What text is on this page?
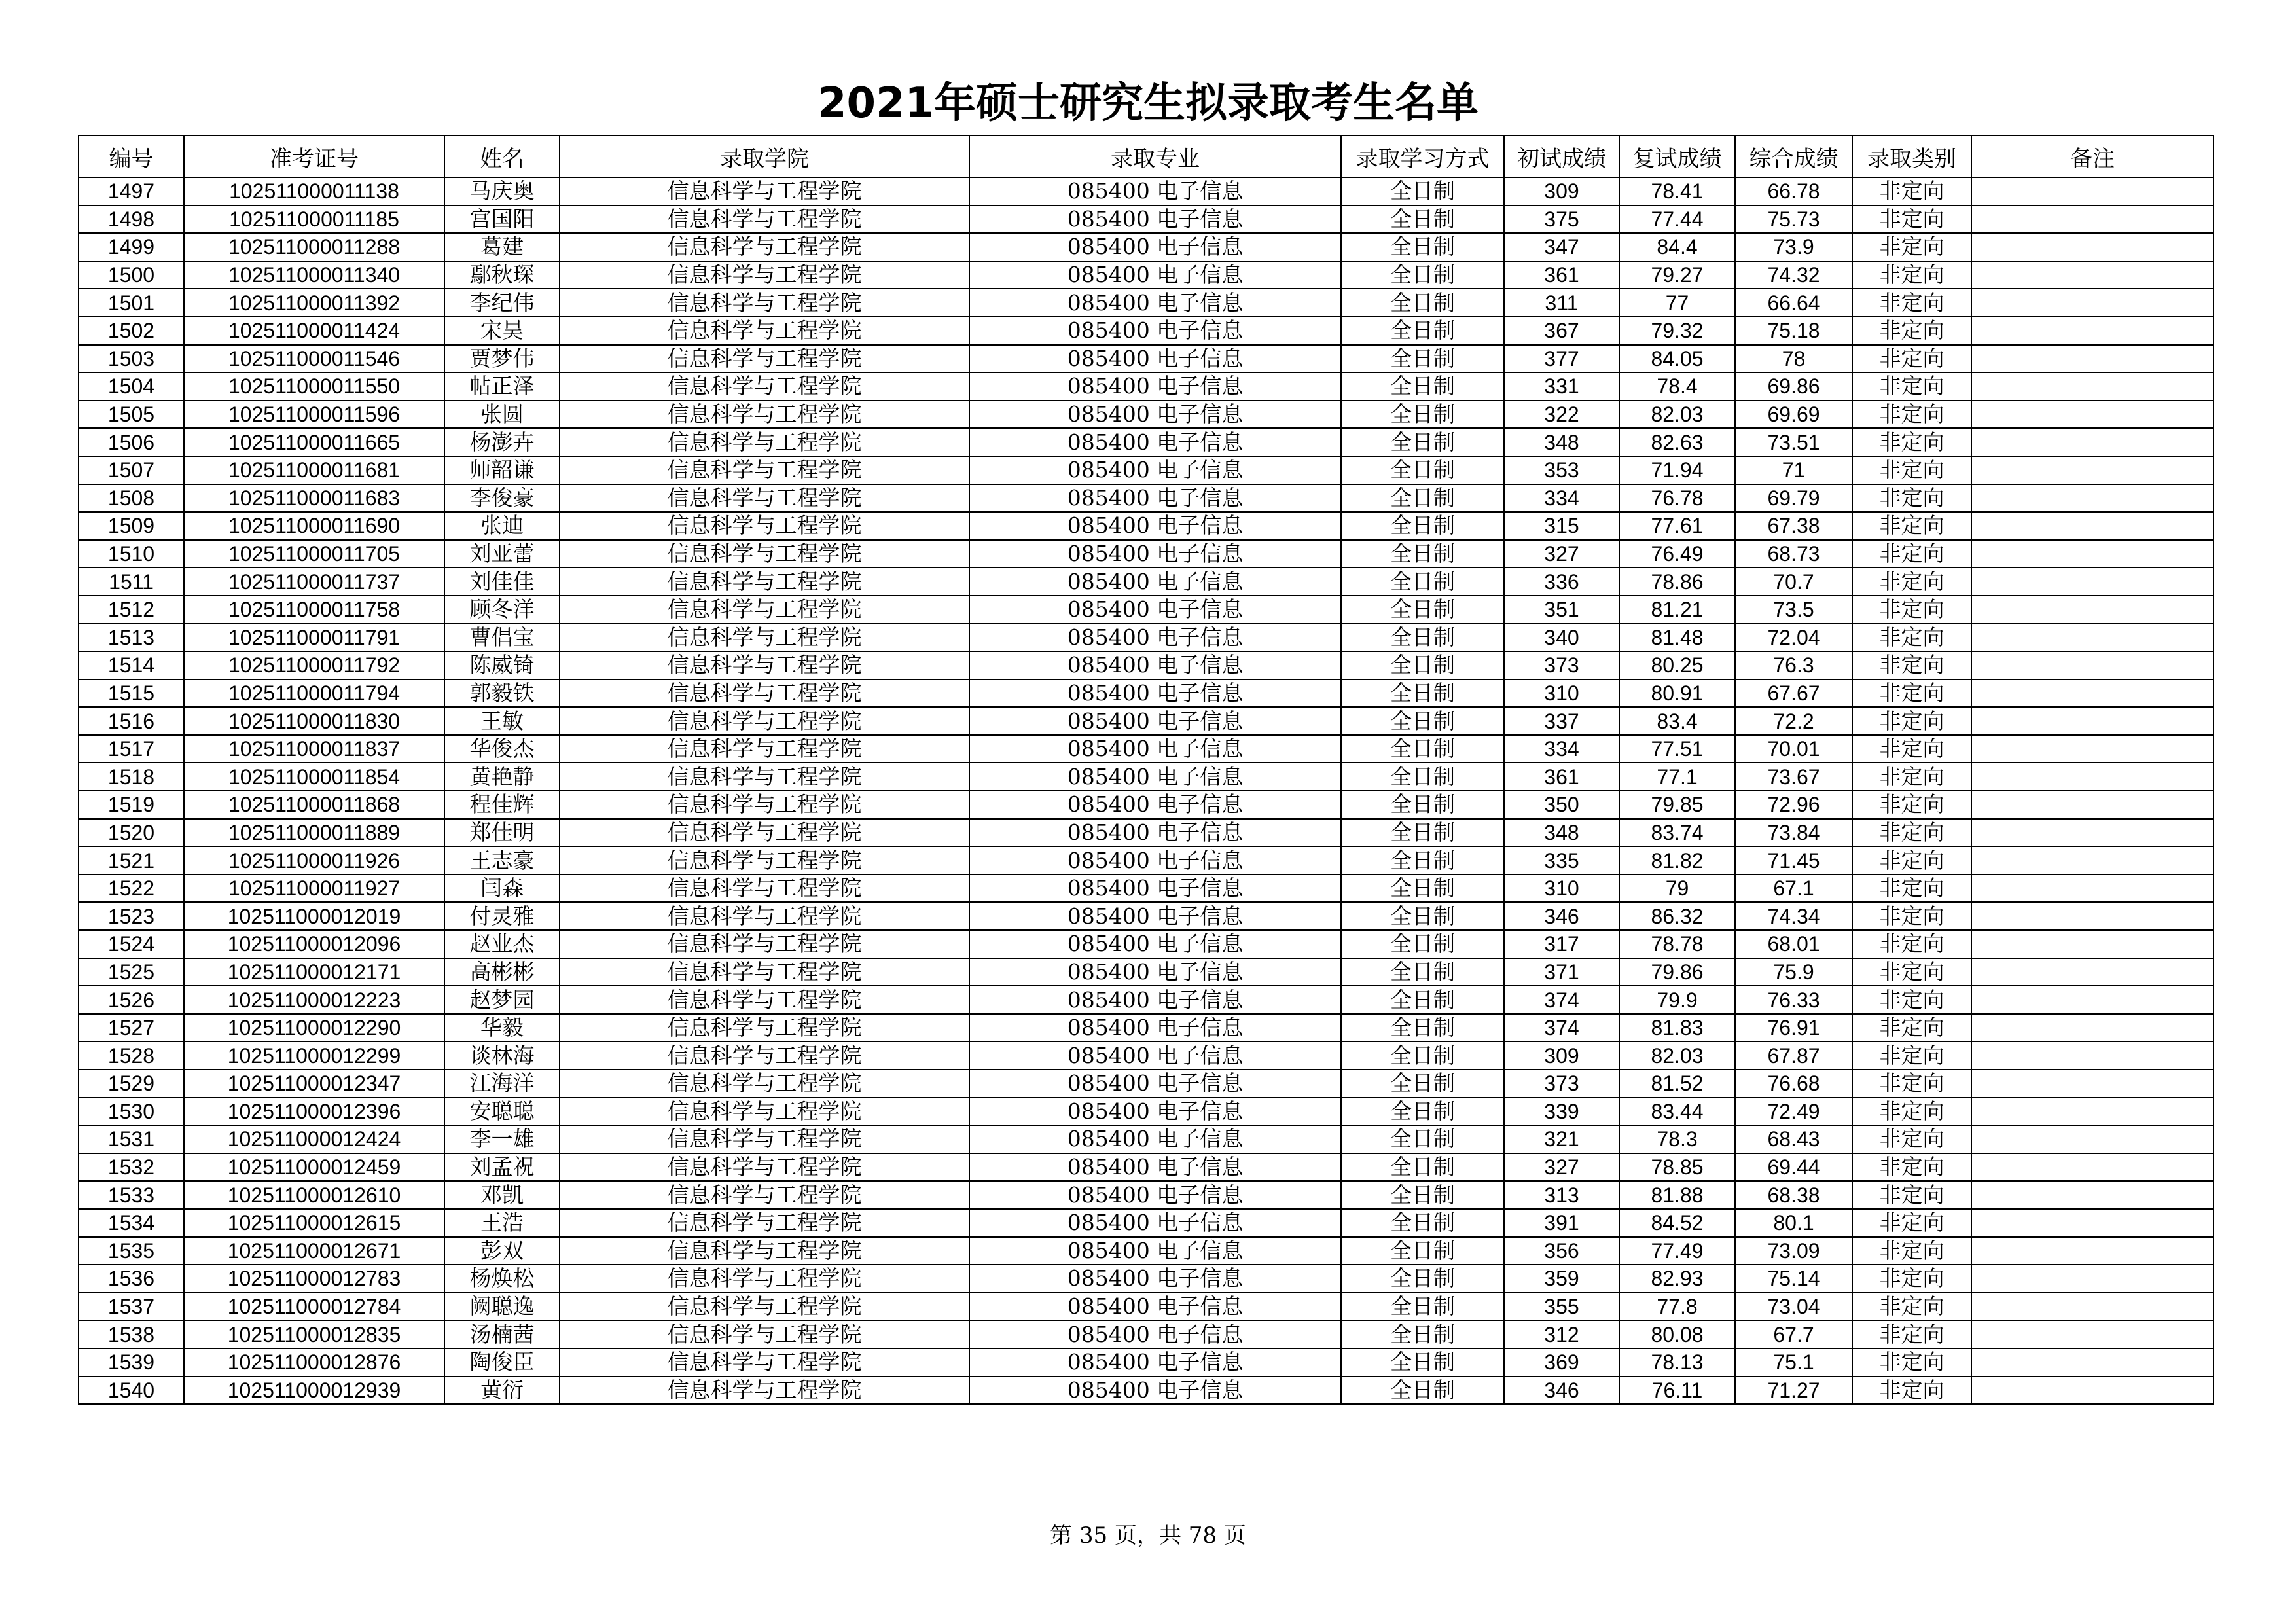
2021年硕士研究生拟录取考生名单
编号	准考证号	姓名	录取学院	录取专业	录取学习方式	初试成绩	复试成绩	综合成绩	录取类别	备注
1497	102511000011138	马庆奥	信息科学与工程学院	085400 电子信息	全日制	309	78.41	66.78	非定向	
1498	102511000011185	宫国阳	信息科学与工程学院	085400 电子信息	全日制	375	77.44	75.73	非定向	
1499	102511000011288	葛建	信息科学与工程学院	085400 电子信息	全日制	347	84.4	73.9	非定向	
1500	102511000011340	鄢秋琛	信息科学与工程学院	085400 电子信息	全日制	361	79.27	74.32	非定向	
1501	102511000011392	李纪伟	信息科学与工程学院	085400 电子信息	全日制	311	77	66.64	非定向	
1502	102511000011424	宋昊	信息科学与工程学院	085400 电子信息	全日制	367	79.32	75.18	非定向	
1503	102511000011546	贾梦伟	信息科学与工程学院	085400 电子信息	全日制	377	84.05	78	非定向	
1504	102511000011550	帖正泽	信息科学与工程学院	085400 电子信息	全日制	331	78.4	69.86	非定向	
1505	102511000011596	张圆	信息科学与工程学院	085400 电子信息	全日制	322	82.03	69.69	非定向	
1506	102511000011665	杨澎卉	信息科学与工程学院	085400 电子信息	全日制	348	82.63	73.51	非定向	
1507	102511000011681	师韶谦	信息科学与工程学院	085400 电子信息	全日制	353	71.94	71	非定向	
1508	102511000011683	李俊豪	信息科学与工程学院	085400 电子信息	全日制	334	76.78	69.79	非定向	
1509	102511000011690	张迪	信息科学与工程学院	085400 电子信息	全日制	315	77.61	67.38	非定向	
1510	102511000011705	刘亚蕾	信息科学与工程学院	085400 电子信息	全日制	327	76.49	68.73	非定向	
1511	102511000011737	刘佳佳	信息科学与工程学院	085400 电子信息	全日制	336	78.86	70.7	非定向	
1512	102511000011758	顾冬洋	信息科学与工程学院	085400 电子信息	全日制	351	81.21	73.5	非定向	
1513	102511000011791	曹倡宝	信息科学与工程学院	085400 电子信息	全日制	340	81.48	72.04	非定向	
1514	102511000011792	陈威锜	信息科学与工程学院	085400 电子信息	全日制	373	80.25	76.3	非定向	
1515	102511000011794	郭毅铁	信息科学与工程学院	085400 电子信息	全日制	310	80.91	67.67	非定向	
1516	102511000011830	王敏	信息科学与工程学院	085400 电子信息	全日制	337	83.4	72.2	非定向	
1517	102511000011837	华俊杰	信息科学与工程学院	085400 电子信息	全日制	334	77.51	70.01	非定向	
1518	102511000011854	黄艳静	信息科学与工程学院	085400 电子信息	全日制	361	77.1	73.67	非定向	
1519	102511000011868	程佳辉	信息科学与工程学院	085400 电子信息	全日制	350	79.85	72.96	非定向	
1520	102511000011889	郑佳明	信息科学与工程学院	085400 电子信息	全日制	348	83.74	73.84	非定向	
1521	102511000011926	王志豪	信息科学与工程学院	085400 电子信息	全日制	335	81.82	71.45	非定向	
1522	102511000011927	闫森	信息科学与工程学院	085400 电子信息	全日制	310	79	67.1	非定向	
1523	102511000012019	付灵雅	信息科学与工程学院	085400 电子信息	全日制	346	86.32	74.34	非定向	
1524	102511000012096	赵业杰	信息科学与工程学院	085400 电子信息	全日制	317	78.78	68.01	非定向	
1525	102511000012171	高彬彬	信息科学与工程学院	085400 电子信息	全日制	371	79.86	75.9	非定向	
1526	102511000012223	赵梦园	信息科学与工程学院	085400 电子信息	全日制	374	79.9	76.33	非定向	
1527	102511000012290	华毅	信息科学与工程学院	085400 电子信息	全日制	374	81.83	76.91	非定向	
1528	102511000012299	谈林海	信息科学与工程学院	085400 电子信息	全日制	309	82.03	67.87	非定向	
1529	102511000012347	江海洋	信息科学与工程学院	085400 电子信息	全日制	373	81.52	76.68	非定向	
1530	102511000012396	安聪聪	信息科学与工程学院	085400 电子信息	全日制	339	83.44	72.49	非定向	
1531	102511000012424	李一雄	信息科学与工程学院	085400 电子信息	全日制	321	78.3	68.43	非定向	
1532	102511000012459	刘孟祝	信息科学与工程学院	085400 电子信息	全日制	327	78.85	69.44	非定向	
1533	102511000012610	邓凯	信息科学与工程学院	085400 电子信息	全日制	313	81.88	68.38	非定向	
1534	102511000012615	王浩	信息科学与工程学院	085400 电子信息	全日制	391	84.52	80.1	非定向	
1535	102511000012671	彭双	信息科学与工程学院	085400 电子信息	全日制	356	77.49	73.09	非定向	
1536	102511000012783	杨焕松	信息科学与工程学院	085400 电子信息	全日制	359	82.93	75.14	非定向	
1537	102511000012784	阙聪逸	信息科学与工程学院	085400 电子信息	全日制	355	77.8	73.04	非定向	
1538	102511000012835	汤楠茜	信息科学与工程学院	085400 电子信息	全日制	312	80.08	67.7	非定向	
1539	102511000012876	陶俊臣	信息科学与工程学院	085400 电子信息	全日制	369	78.13	75.1	非定向	
1540	102511000012939	黄衍	信息科学与工程学院	085400 电子信息	全日制	346	76.11	71.27	非定向	
第 35 页，共 78 页
